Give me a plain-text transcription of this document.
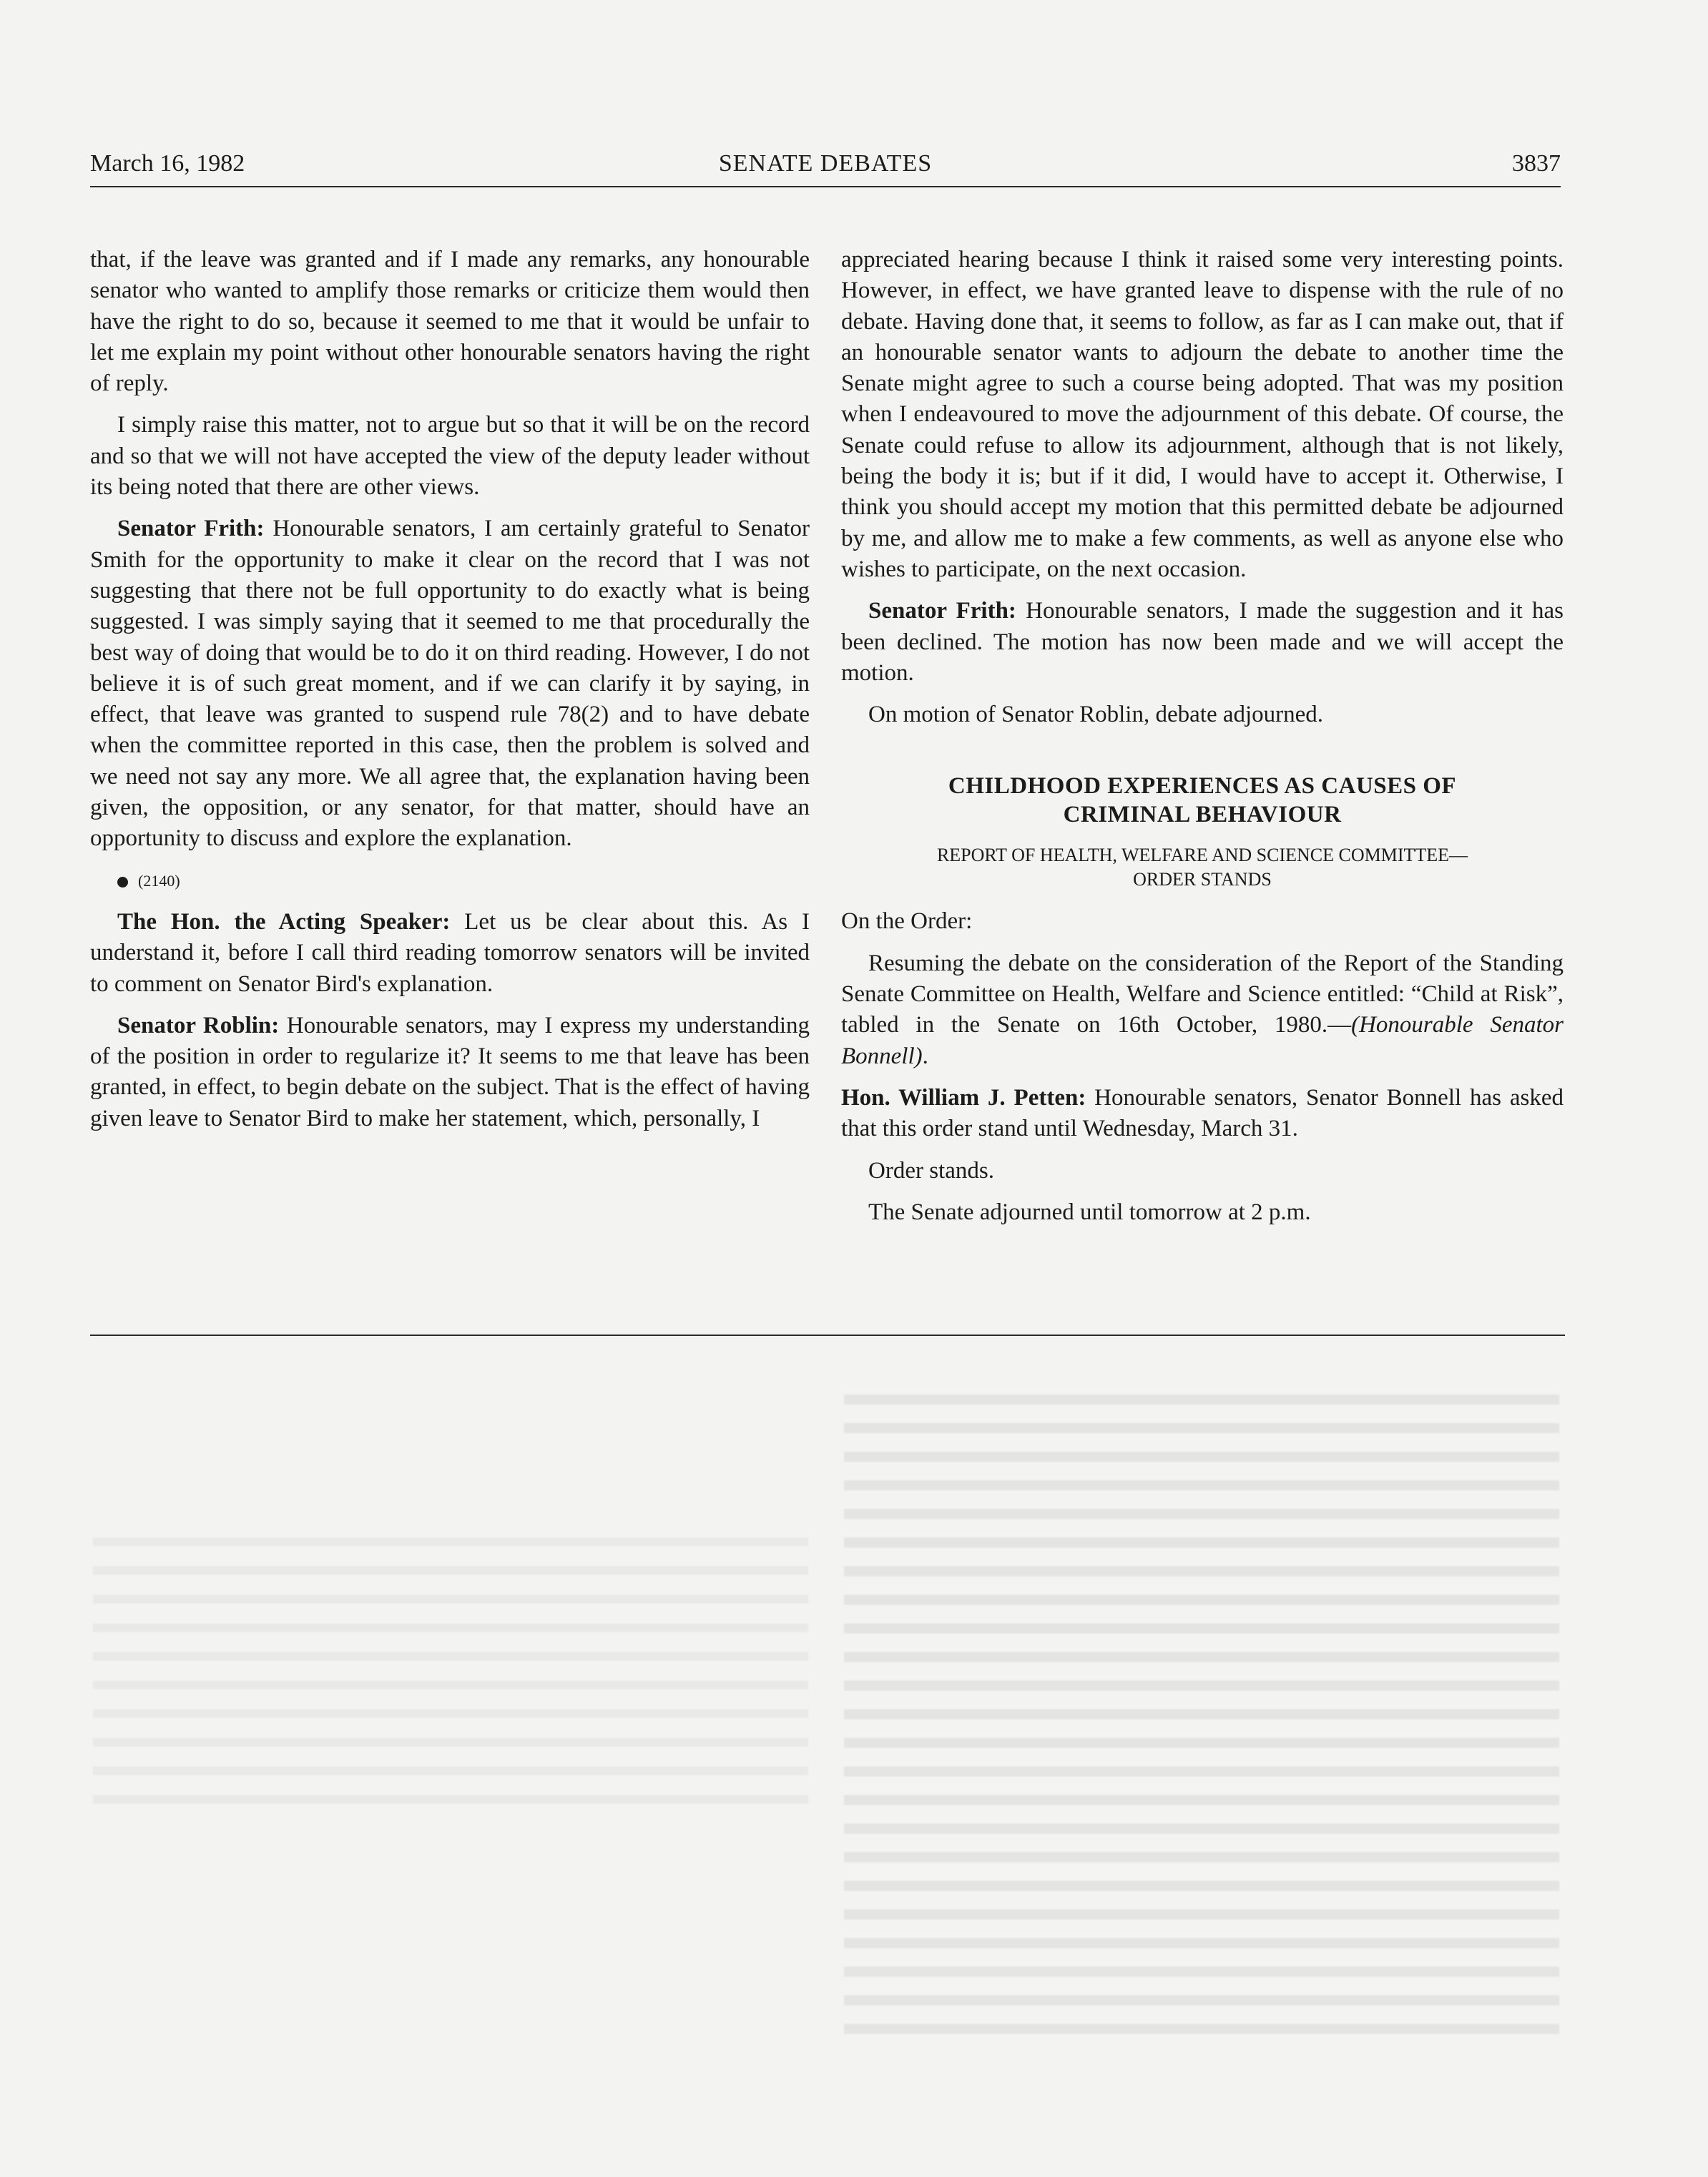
March 16, 1982	SENATE DEBATES	3837

that, if the leave was granted and if I made any remarks, any honourable senator who wanted to amplify those remarks or criticize them would then have the right to do so, because it seemed to me that it would be unfair to let me explain my point without other honourable senators having the right of reply.

I simply raise this matter, not to argue but so that it will be on the record and so that we will not have accepted the view of the deputy leader without its being noted that there are other views.

Senator Frith: Honourable senators, I am certainly grateful to Senator Smith for the opportunity to make it clear on the record that I was not suggesting that there not be full opportunity to do exactly what is being suggested. I was simply saying that it seemed to me that procedurally the best way of doing that would be to do it on third reading. However, I do not believe it is of such great moment, and if we can clarify it by saying, in effect, that leave was granted to suspend rule 78(2) and to have debate when the committee reported in this case, then the problem is solved and we need not say any more. We all agree that, the explanation having been given, the opposition, or any senator, for that matter, should have an opportunity to discuss and explore the explanation.

(2140)

The Hon. the Acting Speaker: Let us be clear about this. As I understand it, before I call third reading tomorrow senators will be invited to comment on Senator Bird's explanation.

Senator Roblin: Honourable senators, may I express my understanding of the position in order to regularize it? It seems to me that leave has been granted, in effect, to begin debate on the subject. That is the effect of having given leave to Senator Bird to make her statement, which, personally, I

appreciated hearing because I think it raised some very interesting points. However, in effect, we have granted leave to dispense with the rule of no debate. Having done that, it seems to follow, as far as I can make out, that if an honourable senator wants to adjourn the debate to another time the Senate might agree to such a course being adopted. That was my position when I endeavoured to move the adjournment of this debate. Of course, the Senate could refuse to allow its adjournment, although that is not likely, being the body it is; but if it did, I would have to accept it. Otherwise, I think you should accept my motion that this permitted debate be adjourned by me, and allow me to make a few comments, as well as anyone else who wishes to participate, on the next occasion.

Senator Frith: Honourable senators, I made the suggestion and it has been declined. The motion has now been made and we will accept the motion.

On motion of Senator Roblin, debate adjourned.

CHILDHOOD EXPERIENCES AS CAUSES OF
CRIMINAL BEHAVIOUR
REPORT OF HEALTH, WELFARE AND SCIENCE COMMITTEE—
ORDER STANDS

On the Order:

Resuming the debate on the consideration of the Report of the Standing Senate Committee on Health, Welfare and Science entitled: “Child at Risk”, tabled in the Senate on 16th October, 1980.—(Honourable Senator Bonnell).

Hon. William J. Petten: Honourable senators, Senator Bonnell has asked that this order stand until Wednesday, March 31.

Order stands.

The Senate adjourned until tomorrow at 2 p.m.
